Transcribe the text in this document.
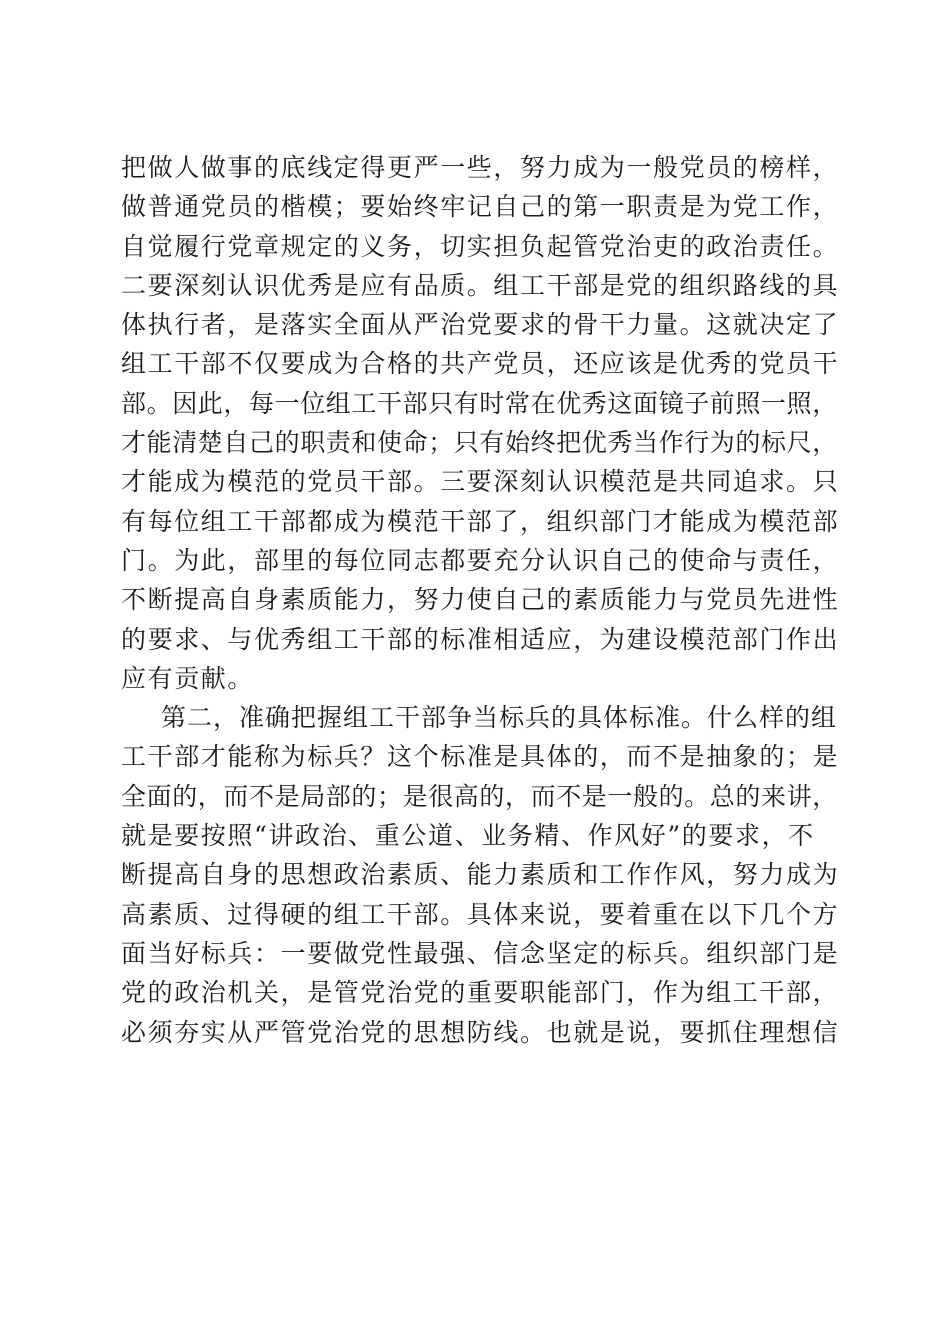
把做人做事的底线定得更严一些，努力成为一般党员的榜样，
做普通党员的楷模；要始终牢记自己的第一职责是为党工作，
自觉履行党章规定的义务，切实担负起管党治吏的政治责任。
二要深刻认识优秀是应有品质。组工干部是党的组织路线的具
体执行者，是落实全面从严治党要求的骨干力量。这就决定了
组工干部不仅要成为合格的共产党员，还应该是优秀的党员干
部。因此，每一位组工干部只有时常在优秀这面镜子前照一照，
才能清楚自己的职责和使命；只有始终把优秀当作行为的标尺，
才能成为模范的党员干部。三要深刻认识模范是共同追求。只
有每位组工干部都成为模范干部了，组织部门才能成为模范部
门。为此，部里的每位同志都要充分认识自己的使命与责任，
不断提高自身素质能力，努力使自己的素质能力与党员先进性
的要求、与优秀组工干部的标准相适应，为建设模范部门作出
应有贡献。
第二，准确把握组工干部争当标兵的具体标准。什么样的组
工干部才能称为标兵？这个标准是具体的，而不是抽象的；是
全面的，而不是局部的；是很高的，而不是一般的。总的来讲，
就是要按照“讲政治、重公道、业务精、作风好”的要求，不
断提高自身的思想政治素质、能力素质和工作作风，努力成为
高素质、过得硬的组工干部。具体来说，要着重在以下几个方
面当好标兵：一要做党性最强、信念坚定的标兵。组织部门是
党的政治机关，是管党治党的重要职能部门，作为组工干部，
必须夯实从严管党治党的思想防线。也就是说，要抓住理想信
